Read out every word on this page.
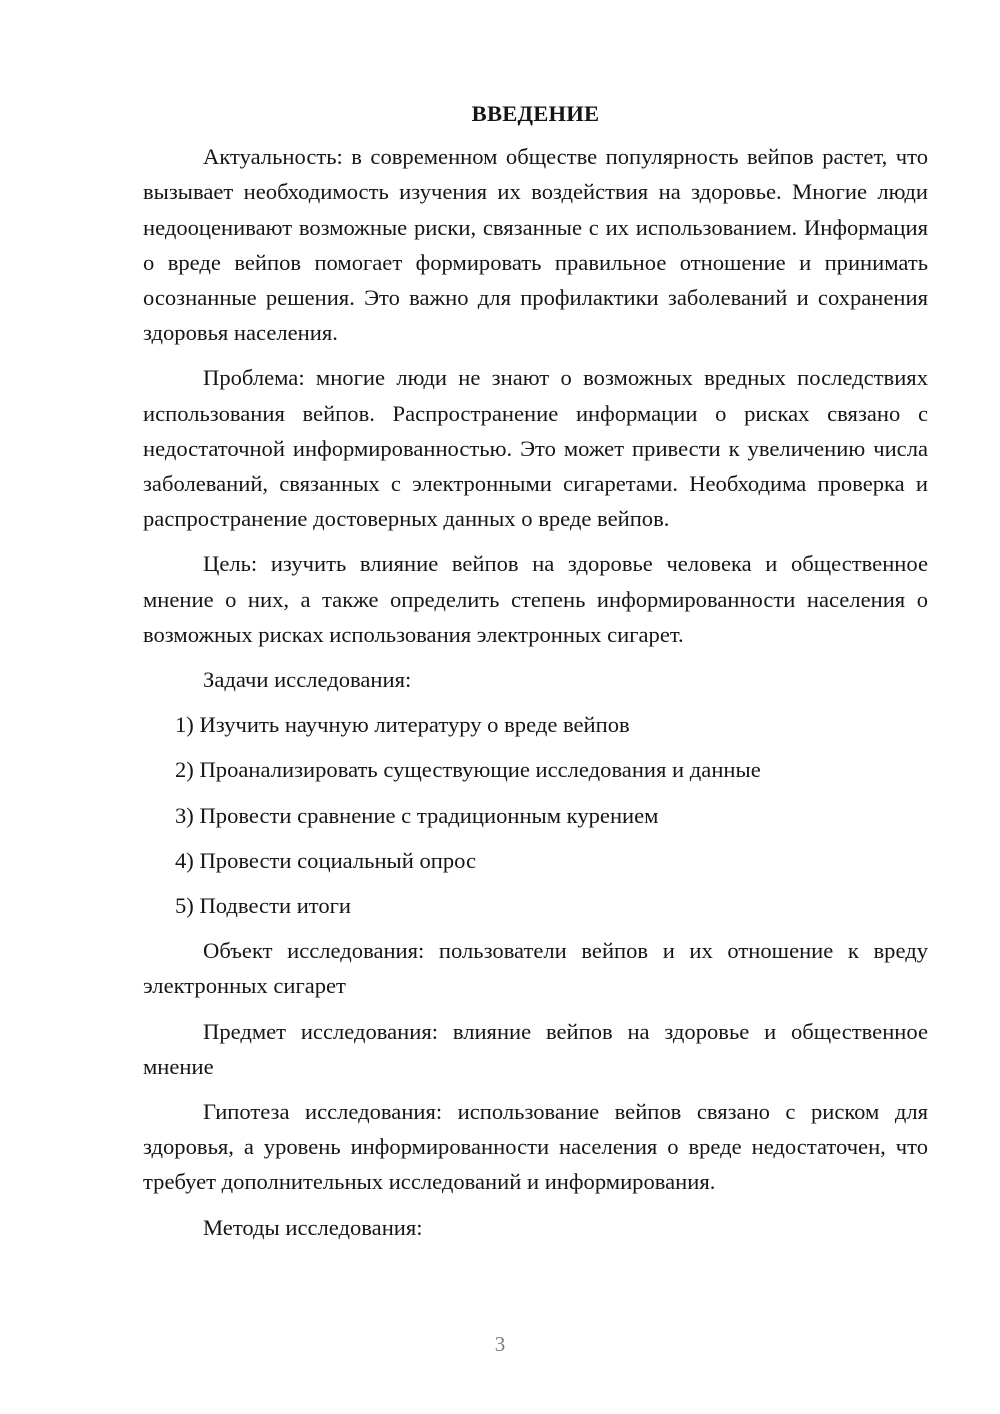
ВВЕДЕНИЕ

Актуальность: в современном обществе популярность вейпов растет, что вызывает необходимость изучения их воздействия на здоровье. Многие люди недооценивают возможные риски, связанные с их использованием. Информация о вреде вейпов помогает формировать правильное отношение и принимать осознанные решения. Это важно для профилактики заболеваний и сохранения здоровья населения.

Проблема: многие люди не знают о возможных вредных последствиях использования вейпов. Распространение информации о рисках связано с недостаточной информированностью. Это может привести к увеличению числа заболеваний, связанных с электронными сигаретами. Необходима проверка и распространение достоверных данных о вреде вейпов.

Цель: изучить влияние вейпов на здоровье человека и общественное мнение о них, а также определить степень информированности населения о возможных рисках использования электронных сигарет.

Задачи исследования:

1) Изучить научную литературу о вреде вейпов
2) Проанализировать существующие исследования и данные
3) Провести сравнение с традиционным курением
4) Провести социальный опрос
5) Подвести итоги

Объект исследования: пользователи вейпов и их отношение к вреду электронных сигарет

Предмет исследования: влияние вейпов на здоровье и общественное мнение

Гипотеза исследования: использование вейпов связано с риском для здоровья, а уровень информированности населения о вреде недостаточен, что требует дополнительных исследований и информирования.

Методы исследования:

3
